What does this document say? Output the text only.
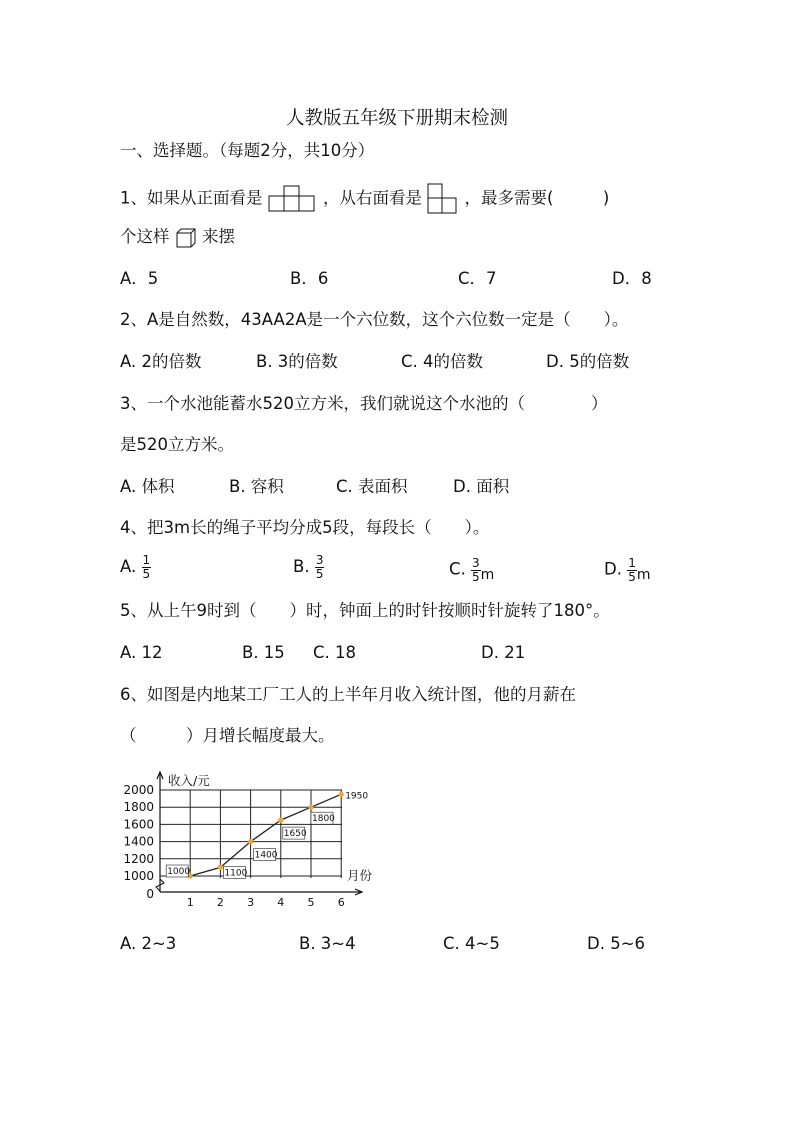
人教版五年级下册期末检测
一、选择题。（每题2分，共10分）
1、如果从正面看是	，从右面看是	，最多需要(　　　)
个这样 来摆
A．5	B．6	C．7	D．8
2、A是自然数，43AA2A是一个六位数，这个六位数一定是（　　）。
A. 2的倍数	B. 3的倍数	C. 4的倍数	D. 5的倍数
3、一个水池能蓄水520立方米，我们就说这个水池的（　　　　）
是520立方米。
A. 体积	B. 容积	C. 表面积	D. 面积
4、把3m长的绳子平均分成5段，每段长（　　）。
A. $\frac{1}{5}$	B. $\frac{3}{5}$	C. $\frac{3}{5}$ m	D. $\frac{1}{5}$ m
5、从上午9时到（　　）时，钟面上的时针按顺时针旋转了180°。
A. 12	B. 15 C. 18	D. 21
6、如图是内地某工厂工人的上半年月收入统计图，他的月薪在
（　　　）月增长幅度最大。
0
1000
1200
1400
1600
1800
2000
1 2 3 4 5 6
收入/元
月份
1000	1100
1400
1650
1800
1950
A. 2~3	B. 3~4	C. 4~5	D. 5~6
